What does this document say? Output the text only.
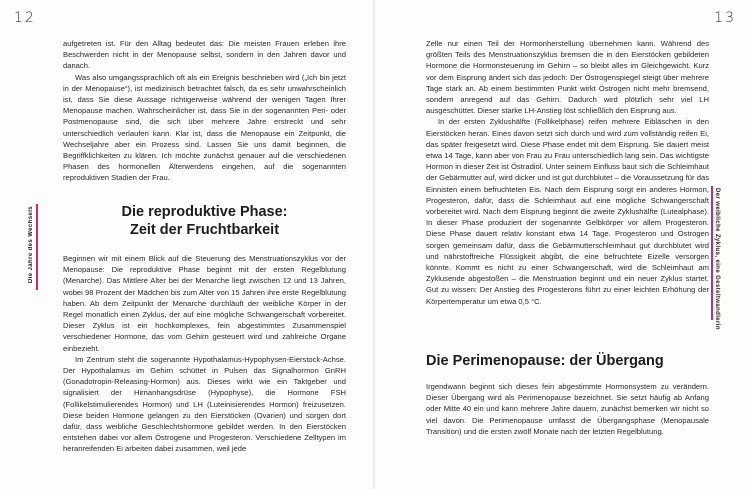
12
Die Jahre des Wechsels

aufgetreten ist. Für den Alltag bedeutet das: Die meisten Frauen erleben ihre Beschwerden nicht in der Menopause selbst, sondern in den Jahren davor und danach.

Was also umgangssprachlich oft als ein Ereignis beschrieben wird („Ich bin jetzt in der Menopause“), ist medizinisch betrachtet falsch, da es sehr unwahrscheinlich ist, dass Sie diese Aussage richtigerweise während der wenigen Tagen Ihrer Menopause machen. Wahrscheinlicher ist, dass Sie in der sogenannten Peri- oder Postmenopause sind, die sich über mehrere Jahre erstreckt und sehr unterschiedlich verlaufen kann. Klar ist, dass die Menopause ein Zeitpunkt, die Wechseljahre aber ein Prozess sind. Lassen Sie uns damit beginnen, die Begriffklichkeiten zu klären. Ich möchte zunächst genauer auf die verschiedenen Phasen des hormonellen Älterwerdens eingehen, auf die sogenannten reproduktiven Stadien der Frau.

Die reproduktive Phase:
Zeit der Fruchtbarkeit

Beginnen wir mit einem Blick auf die Steuerung des Menstruationszyklus vor der Menopause: Die reproduktive Phase beginnt mit der ersten Regelblutung (Menarche). Das Mittlere Alter bei der Menarche liegt zwischen 12 und 13 Jahren, wobei 98 Prozent der Mädchen bis zum Alter von 15 Jahren ihre erste Regelblutung haben. Ab dem Zeitpunkt der Menarche durchläuft der weibliche Körper in der Regel monatlich einen Zyklus, der auf eine mögliche Schwangerschaft vorbereitet. Dieser Zyklus ist ein hochkomplexes, fein abgestimmtes Zusammenspiel verschiedener Hormone, das vom Gehirn gesteuert wird und zahlreiche Organe einbezieht.

Im Zentrum steht die sogenannte Hypothalamus-Hypophysen-Eierstock-Achse. Der Hypothalamus im Gehirn schüttet in Pulsen das Signalhormon GnRH (Gonadotropin-Releasing-Hormon) aus. Dieses wirkt wie ein Taktgeber und signalisiert der Hirnanhangsdrüse (Hypophyse), die Hormone FSH (Follikelstimulierendes Hormon) und LH (Luteinisierendes Hormon) freizusetzen. Diese beiden Hormone gelangen zu den Eierstöcken (Ovarien) und sorgen dort dafür, dass weibliche Geschlechtshormone gebildet werden. In den Eierstöcken entstehen dabei vor allem Östrogene und Progesteron. Verschiedene Zelltypen im heranreifenden Ei arbeiten dabei zusammen, weil jede

13

Zelle nur einen Teil der Hormonherstellung übernehmen kann. Während des größten Teils des Menstruationszyklus bremsen die in den Eierstöcken gebildeten Hormone die Hormonsteuerung im Gehirn – so bleibt alles im Gleichgewicht. Kurz vor dem Eisprung ändert sich das jedoch: Der Östrogenspiegel steigt über mehrere Tage stark an. Ab einem bestimmten Punkt wirkt Östrogen nicht mehr bremsend, sondern anregend auf das Gehirn. Dadurch wird plötzlich sehr viel LH ausgeschüttet. Dieser starke LH-Anstieg löst schließlich den Eisprung aus.

In der ersten Zyklushälfte (Follikelphase) reifen mehrere Eibläschen in den Eierstöcken heran. Eines davon setzt sich durch und wird zum vollständig reifen Ei, das später freigesetzt wird. Diese Phase endet mit dem Eisprung. Sie dauert meist etwa 14 Tage, kann aber von Frau zu Frau unterschiedlich lang sein. Das wichtigste Hormon in dieser Zeit ist Östradiol. Unter seinem Einfluss baut sich die Schleimhaut der Gebärmutter auf, wird dicker und ist gut durchblutet – die Voraussetzung für das Einnisten einem befruchteten Eis. Nach dem Eisprung sorgt ein anderes Hormon, Progesteron, dafür, dass die Schleimhaut auf eine mögliche Schwangerschaft vorbereitet wird. Nach dem Eisprung beginnt die zweite Zyklushälfte (Lutealphase). In dieser Phase produziert der sogenannte Gelbkörper vor allem Progesteron. Diese Phase dauert relativ konstant etwa 14 Tage. Progesteron und Östrogen sorgen gemeinsam dafür, dass die Gebärmutterschleimhaut gut durchblutet wird und nährstoffreiche Flüssigkeit abgibt, die eine befruchtete Eizelle versorgen könnte. Kommt es nicht zu einer Schwangerschaft, wird die Schleimhaut am Zyklusende abgestoßen – die Menstruation beginnt und ein neuer Zyklus startet. Gut zu wissen: Der Anstieg des Progesterons führt zu einer leichten Erhöhung der Körpertemperatur um etwa 0,5 °C.

Die Perimenopause: der Übergang

Irgendwann beginnt sich dieses fein abgestimmte Hormonsystem zu verändern. Dieser Übergang wird als Perimenopause bezeichnet. Sie setzt häufig ab Anfang oder Mitte 40 ein und kann mehrere Jahre dauern, zunächst bemerken wir nicht so viel davon. Die Perimenopause umfasst die Übergangsphase (Menopausale Transition) und die ersten zwölf Monate nach der letzten Regelblutung.

Der weibliche Zyklus, eine Gesteltwandlerin
